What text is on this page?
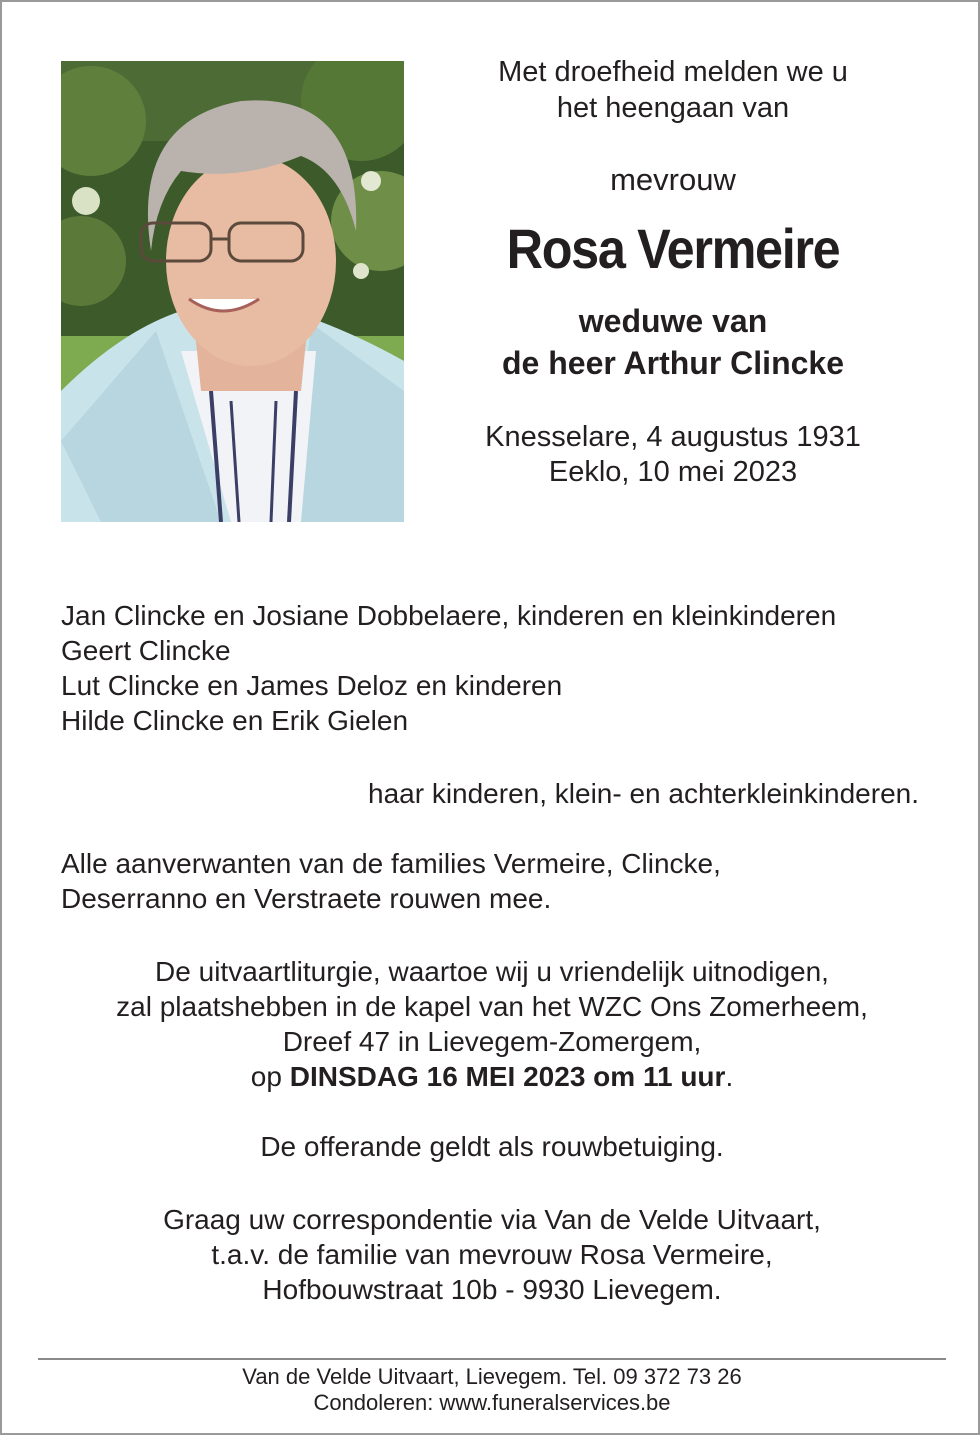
Met droefheid melden we u

het heengaan van

mevrouw
Rosa Vermeire
weduwe van
de heer Arthur Clincke
Knesselare, 4 augustus 1931
Eeklo, 10 mei 2023
Jan Clincke en Josiane Dobbelaere, kinderen en kleinkinderen
Geert Clincke
Lut Clincke en James Deloz en kinderen
Hilde Clincke en Erik Gielen
haar kinderen, klein- en achterkleinkinderen.
Alle aanverwanten van de families Vermeire, Clincke,
Deserranno en Verstraete rouwen mee.
De uitvaartliturgie, waartoe wij u vriendelijk uitnodigen,
zal plaatshebben in de kapel van het WZC Ons Zomerheem,
Dreef 47 in Lievegem-Zomergem,
op DINSDAG 16 MEI 2023 om 11 uur.
De offerande geldt als rouwbetuiging.
Graag uw correspondentie via Van de Velde Uitvaart,
t.a.v. de familie van mevrouw Rosa Vermeire,
Hofbouwstraat 10b - 9930 Lievegem.
Van de Velde Uitvaart, Lievegem. Tel. 09 372 73 26
Condoleren: www.funeralservices.be
